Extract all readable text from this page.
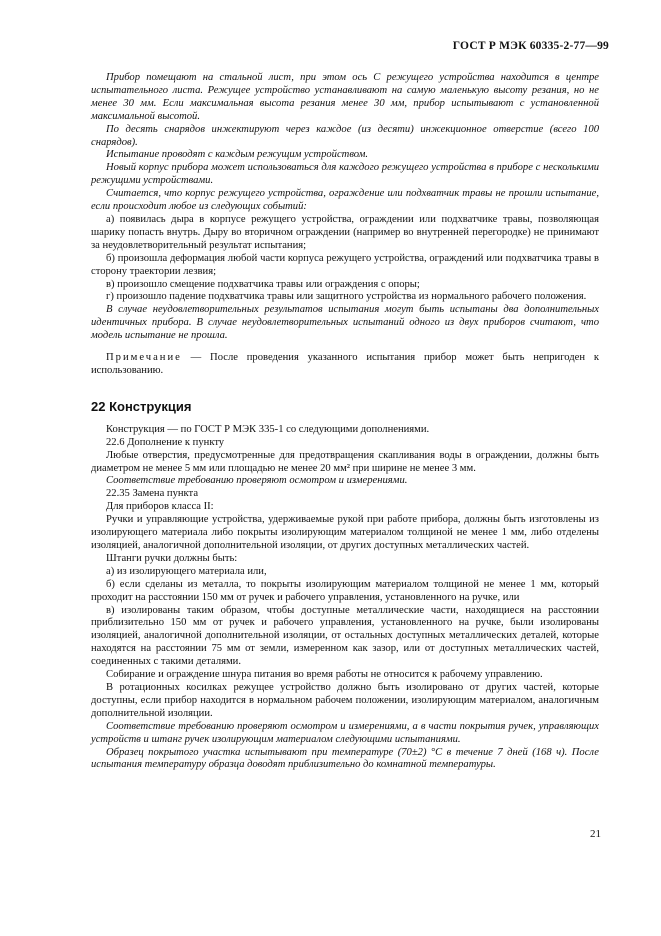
ГОСТ Р МЭК 60335-2-77—99

Прибор помещают на стальной лист, при этом ось С режущего устройства находится в центре испытательного листа. Режущее устройство устанавливают на самую маленькую высоту резания, но не менее 30 мм. Если максимальная высота резания менее 30 мм, прибор испытывают с установленной максимальной высотой.

По десять снарядов инжектируют через каждое (из десяти) инжекционное отверстие (всего 100 снарядов).

Испытание проводят с каждым режущим устройством.

Новый корпус прибора может использоваться для каждого режущего устройства в приборе с несколькими режущими устройствами.

Считается, что корпус режущего устройства, ограждение или подхватчик травы не прошли испытание, если происходит любое из следующих событий:

а) появилась дыра в корпусе режущего устройства, ограждении или подхватчике травы, позволяющая шарику попасть внутрь. Дыру во вторичном ограждении (например во внутренней перегородке) не принимают за неудовлетворительный результат испытания;

б) произошла деформация любой части корпуса режущего устройства, ограждений или подхватчика травы в сторону траектории лезвия;

в) произошло смещение подхватчика травы или ограждения с опоры;

г) произошло падение подхватчика травы или защитного устройства из нормального рабочего положения.

В случае неудовлетворительных результатов испытания могут быть испытаны два дополнительных идентичных прибора. В случае неудовлетворительных испытаний одного из двух приборов считают, что модель испытание не прошла.

Примечание — После проведения указанного испытания прибор может быть непригоден к использованию.

22 Конструкция

Конструкция — по ГОСТ Р МЭК 335-1 со следующими дополнениями.

22.6 Дополнение к пункту

Любые отверстия, предусмотренные для предотвращения скапливания воды в ограждении, должны быть диаметром не менее 5 мм или площадью не менее 20 мм² при ширине не менее 3 мм.

Соответствие требованию проверяют осмотром и измерениями.

22.35 Замена пункта

Для приборов класса II:

Ручки и управляющие устройства, удерживаемые рукой при работе прибора, должны быть изготовлены из изолирующего материала либо покрыты изолирующим материалом толщиной не менее 1 мм, либо отделены изоляцией, аналогичной дополнительной изоляции, от других доступных металлических частей.

Штанги ручки должны быть:

а) из изолирующего материала или,

б) если сделаны из металла, то покрыты изолирующим материалом толщиной не менее 1 мм, который проходит на расстоянии 150 мм от ручек и рабочего управления, установленного на ручке, или

в) изолированы таким образом, чтобы доступные металлические части, находящиеся на расстоянии приблизительно 150 мм от ручек и рабочего управления, установленного на ручке, были изолированы изоляцией, аналогичной дополнительной изоляции, от остальных доступных металлических деталей, которые находятся на расстоянии 75 мм от земли, измеренном как зазор, или от доступных металлических частей, соединенных с такими деталями.

Собирание и ограждение шнура питания во время работы не относится к рабочему управлению.

В ротационных косилках режущее устройство должно быть изолировано от других частей, которые доступны, если прибор находится в нормальном рабочем положении, изолирующим материалом, аналогичным дополнительной изоляции.

Соответствие требованию проверяют осмотром и измерениями, а в части покрытия ручек, управляющих устройств и штанг ручек изолирующим материалом следующими испытаниями.

Образец покрытого участка испытывают при температуре (70±2) °С в течение 7 дней (168 ч). После испытания температуру образца доводят приблизительно до комнатной температуры.

21
